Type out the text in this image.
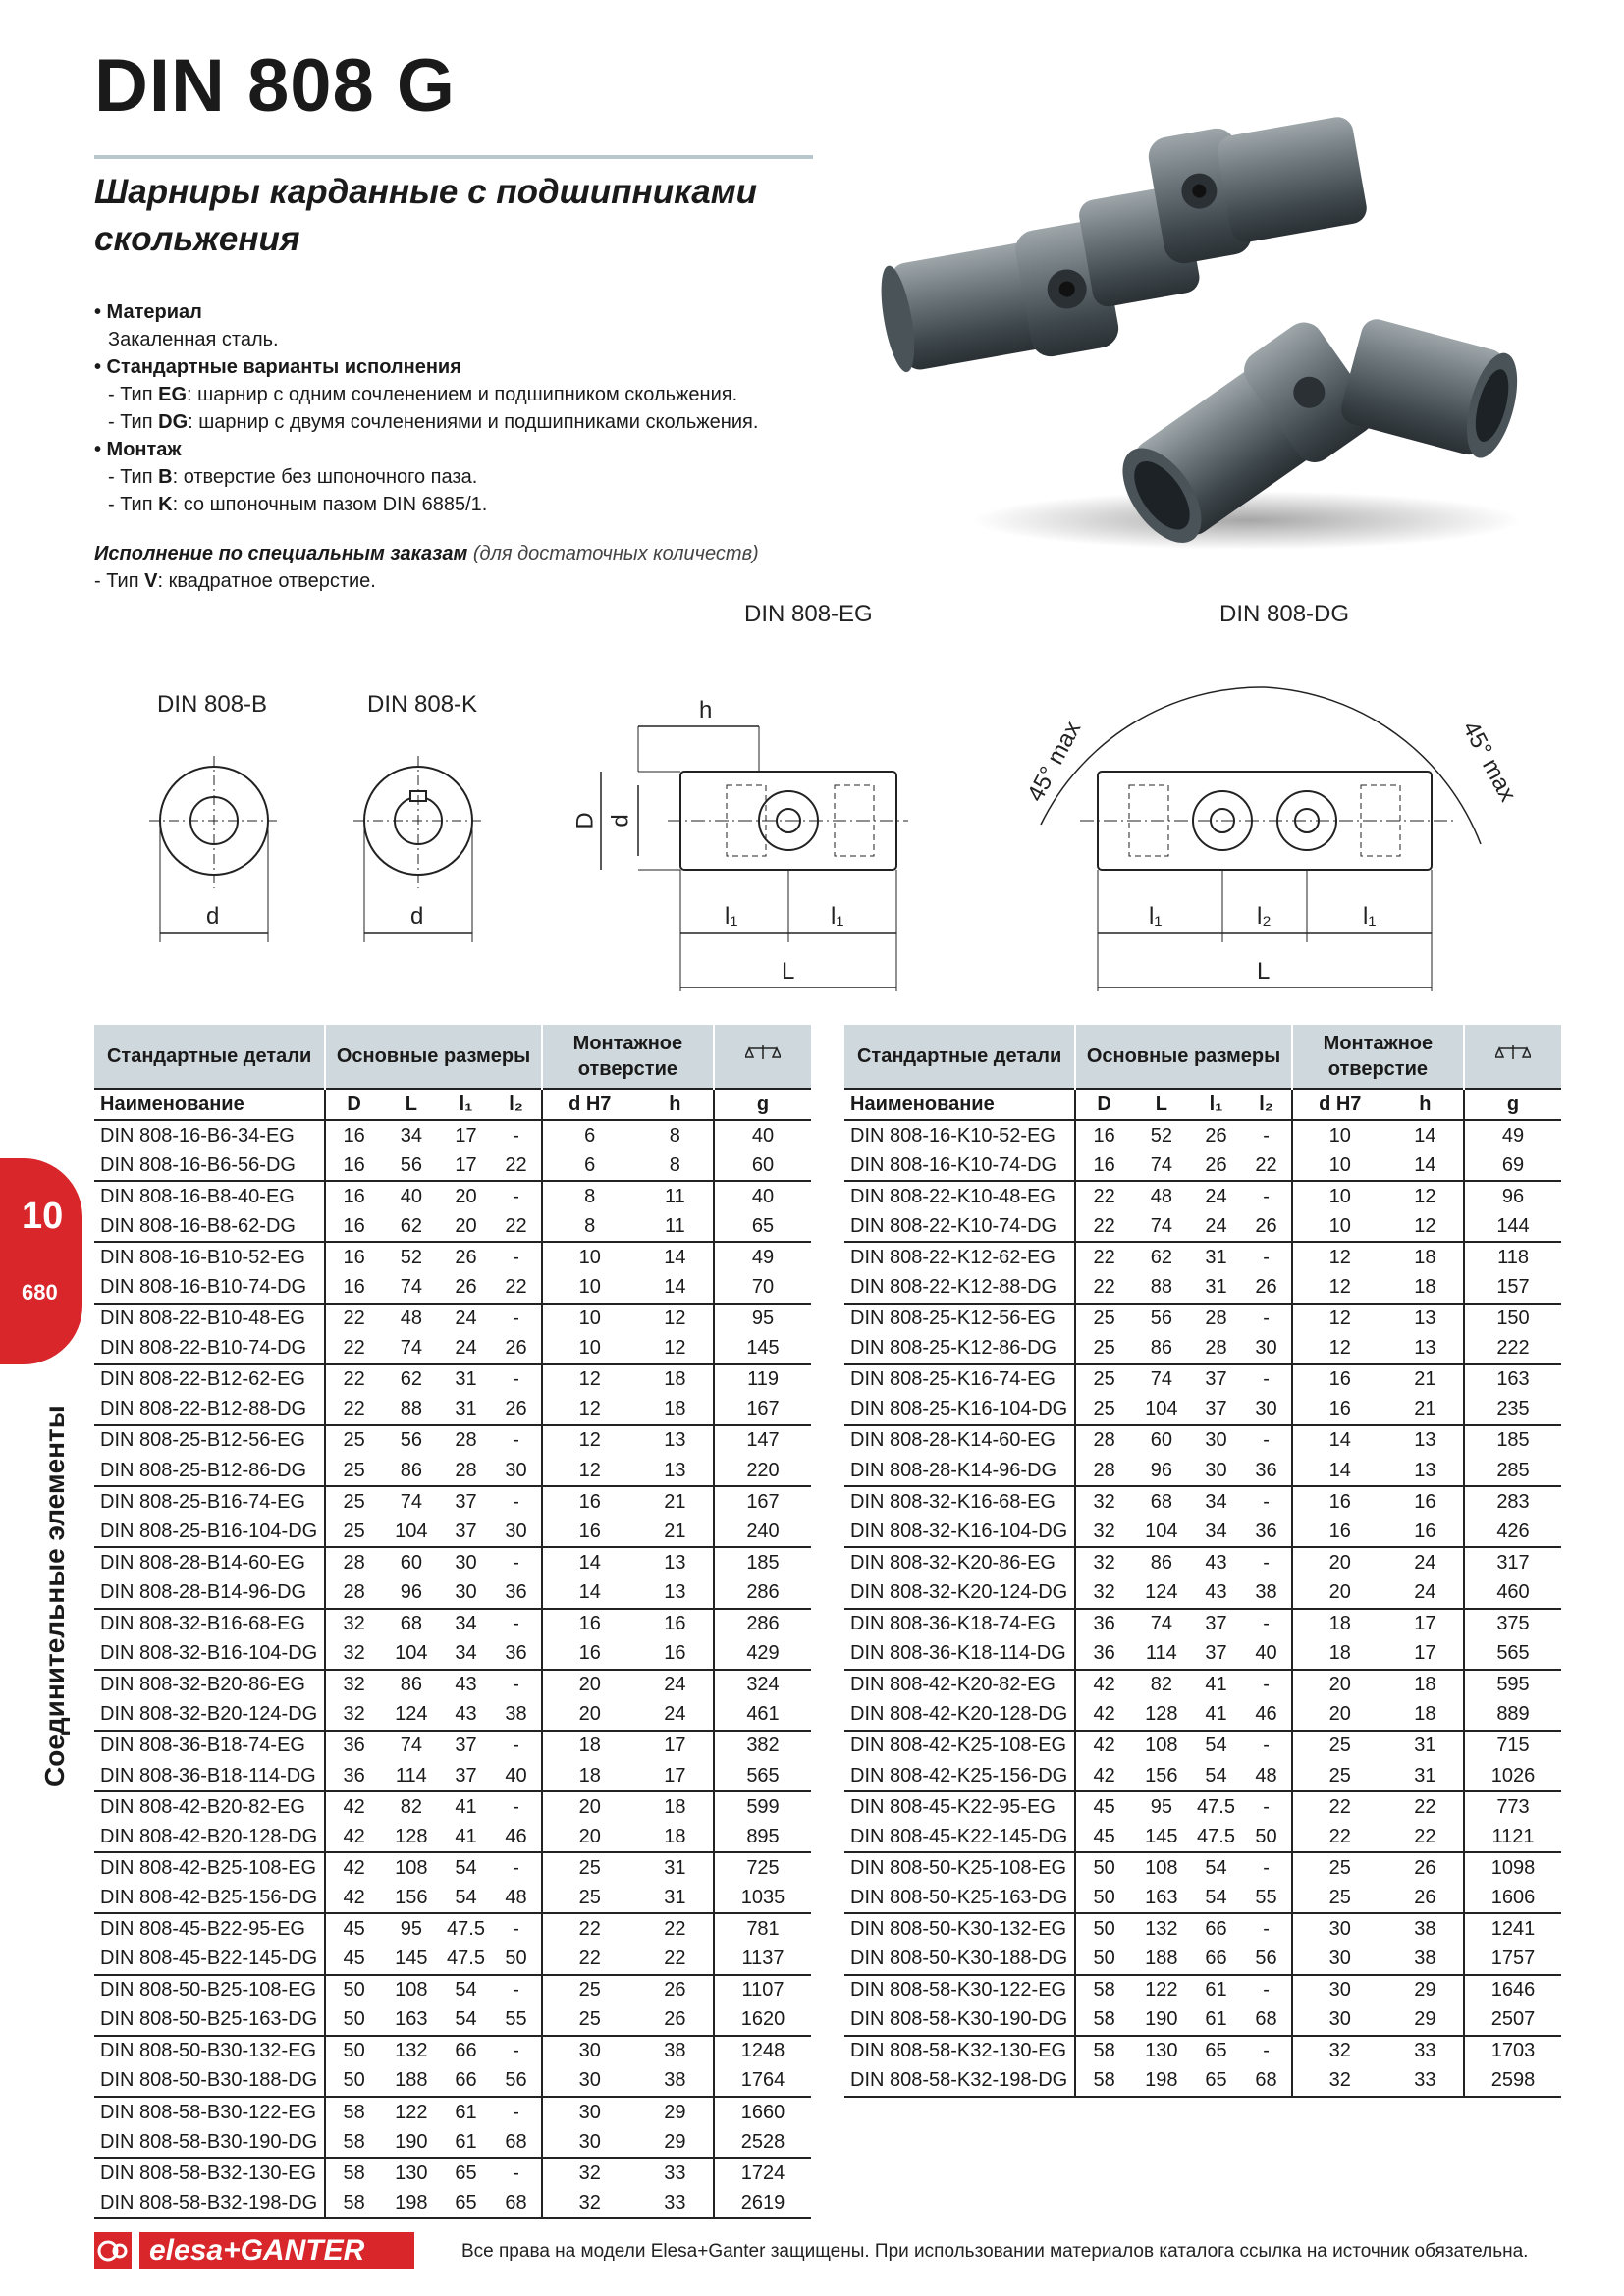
DIN 808 G
Шарниры карданные с подшипниками скольжения
• Материал
Закаленная сталь.
• Стандартные варианты исполнения
- Тип EG: шарнир с одним сочленением и подшипником скольжения.
- Тип DG: шарнир с двумя сочленениями и подшипниками скольжения.
• Монтаж
- Тип B: отверстие без шпоночного паза.
- Тип K: со шпоночным пазом DIN 6885/1.
Исполнение по специальным заказам (для достаточных количеств)
- Тип V: квадратное отверстие.
DIN 808-EG	DIN 808-DG
DIN 808-B	DIN 808-K
d	d
h
D d
l₁	l₁
L
l₁	l₂	l₁
L
45° max	45° max
10
680
Соединительные элементы
Стандартные детали	Основные размеры				Монтажное отверстие	
Наименование	D	L	l₁	l₂	d H7	h	g
DIN 808-16-B6-34-EG	16	34	17	-	6	8	40
DIN 808-16-B6-56-DG	16	56	17	22	6	8	60
DIN 808-16-B8-40-EG	16	40	20	-	8	11	40
DIN 808-16-B8-62-DG	16	62	20	22	8	11	65
DIN 808-16-B10-52-EG	16	52	26	-	10	14	49
DIN 808-16-B10-74-DG	16	74	26	22	10	14	70
DIN 808-22-B10-48-EG	22	48	24	-	10	12	95
DIN 808-22-B10-74-DG	22	74	24	26	10	12	145
DIN 808-22-B12-62-EG	22	62	31	-	12	18	119
DIN 808-22-B12-88-DG	22	88	31	26	12	18	167
DIN 808-25-B12-56-EG	25	56	28	-	12	13	147
DIN 808-25-B12-86-DG	25	86	28	30	12	13	220
DIN 808-25-B16-74-EG	25	74	37	-	16	21	167
DIN 808-25-B16-104-DG	25	104	37	30	16	21	240
DIN 808-28-B14-60-EG	28	60	30	-	14	13	185
DIN 808-28-B14-96-DG	28	96	30	36	14	13	286
DIN 808-32-B16-68-EG	32	68	34	-	16	16	286
DIN 808-32-B16-104-DG	32	104	34	36	16	16	429
DIN 808-32-B20-86-EG	32	86	43	-	20	24	324
DIN 808-32-B20-124-DG	32	124	43	38	20	24	461
DIN 808-36-B18-74-EG	36	74	37	-	18	17	382
DIN 808-36-B18-114-DG	36	114	37	40	18	17	565
DIN 808-42-B20-82-EG	42	82	41	-	20	18	599
DIN 808-42-B20-128-DG	42	128	41	46	20	18	895
DIN 808-42-B25-108-EG	42	108	54	-	25	31	725
DIN 808-42-B25-156-DG	42	156	54	48	25	31	1035
DIN 808-45-B22-95-EG	45	95	47.5	-	22	22	781
DIN 808-45-B22-145-DG	45	145	47.5	50	22	22	1137
DIN 808-50-B25-108-EG	50	108	54	-	25	26	1107
DIN 808-50-B25-163-DG	50	163	54	55	25	26	1620
DIN 808-50-B30-132-EG	50	132	66	-	30	38	1248
DIN 808-50-B30-188-DG	50	188	66	56	30	38	1764
DIN 808-58-B30-122-EG	58	122	61	-	30	29	1660
DIN 808-58-B30-190-DG	58	190	61	68	30	29	2528
DIN 808-58-B32-130-EG	58	130	65	-	32	33	1724
DIN 808-58-B32-198-DG	58	198	65	68	32	33	2619
Стандартные детали	Основные размеры				Монтажное отверстие	
Наименование	D	L	l₁	l₂	d H7	h	g
DIN 808-16-K10-52-EG	16	52	26	-	10	14	49
DIN 808-16-K10-74-DG	16	74	26	22	10	14	69
DIN 808-22-K10-48-EG	22	48	24	-	10	12	96
DIN 808-22-K10-74-DG	22	74	24	26	10	12	144
DIN 808-22-K12-62-EG	22	62	31	-	12	18	118
DIN 808-22-K12-88-DG	22	88	31	26	12	18	157
DIN 808-25-K12-56-EG	25	56	28	-	12	13	150
DIN 808-25-K12-86-DG	25	86	28	30	12	13	222
DIN 808-25-K16-74-EG	25	74	37	-	16	21	163
DIN 808-25-K16-104-DG	25	104	37	30	16	21	235
DIN 808-28-K14-60-EG	28	60	30	-	14	13	185
DIN 808-28-K14-96-DG	28	96	30	36	14	13	285
DIN 808-32-K16-68-EG	32	68	34	-	16	16	283
DIN 808-32-K16-104-DG	32	104	34	36	16	16	426
DIN 808-32-K20-86-EG	32	86	43	-	20	24	317
DIN 808-32-K20-124-DG	32	124	43	38	20	24	460
DIN 808-36-K18-74-EG	36	74	37	-	18	17	375
DIN 808-36-K18-114-DG	36	114	37	40	18	17	565
DIN 808-42-K20-82-EG	42	82	41	-	20	18	595
DIN 808-42-K20-128-DG	42	128	41	46	20	18	889
DIN 808-42-K25-108-EG	42	108	54	-	25	31	715
DIN 808-42-K25-156-DG	42	156	54	48	25	31	1026
DIN 808-45-K22-95-EG	45	95	47.5	-	22	22	773
DIN 808-45-K22-145-DG	45	145	47.5	50	22	22	1121
DIN 808-50-K25-108-EG	50	108	54	-	25	26	1098
DIN 808-50-K25-163-DG	50	163	54	55	25	26	1606
DIN 808-50-K30-132-EG	50	132	66	-	30	38	1241
DIN 808-50-K30-188-DG	50	188	66	56	30	38	1757
DIN 808-58-K30-122-EG	58	122	61	-	30	29	1646
DIN 808-58-K30-190-DG	58	190	61	68	30	29	2507
DIN 808-58-K32-130-EG	58	130	65	-	32	33	1703
DIN 808-58-K32-198-DG	58	198	65	68	32	33	2598
elesa+GANTER	Все права на модели Elesa+Ganter защищены. При использовании материалов каталога ссылка на источник обязательна.
